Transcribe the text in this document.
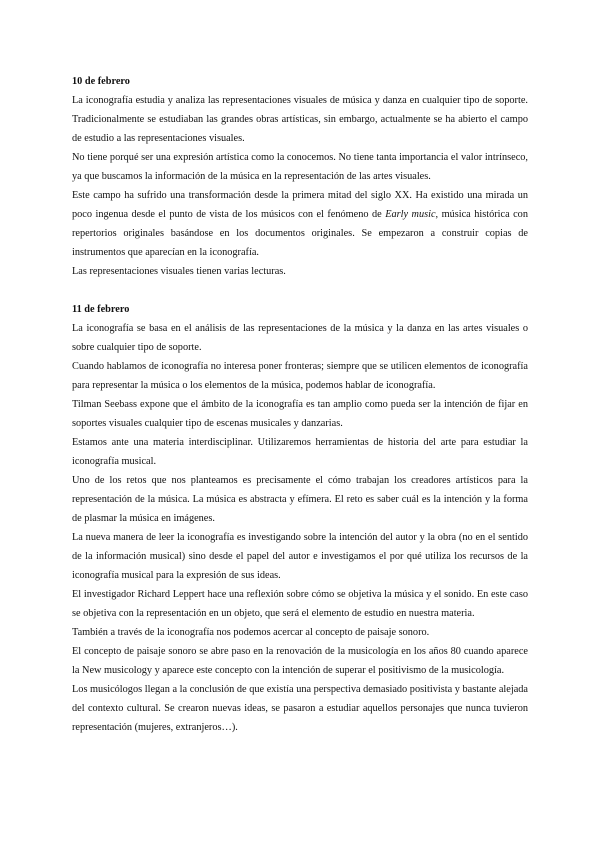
10 de febrero

La iconografía estudia y analiza las representaciones visuales de música y danza en cualquier tipo de soporte. Tradicionalmente se estudiaban las grandes obras artísticas, sin embargo, actualmente se ha abierto el campo de estudio a las representaciones visuales.

No tiene porqué ser una expresión artística como la conocemos. No tiene tanta importancia el valor intrínseco, ya que buscamos la información de la música en la representación de las artes visuales.

Este campo ha sufrido una transformación desde la primera mitad del siglo XX. Ha existido una mirada un poco ingenua desde el punto de vista de los músicos con el fenómeno de Early music, música histórica con repertorios originales basándose en los documentos originales. Se empezaron a construir copias de instrumentos que aparecían en la iconografía.

Las representaciones visuales tienen varias lecturas.

11 de febrero

La iconografía se basa en el análisis de las representaciones de la música y la danza en las artes visuales o sobre cualquier tipo de soporte.

Cuando hablamos de iconografía no interesa poner fronteras; siempre que se utilicen elementos de iconografía para representar la música o los elementos de la música, podemos hablar de iconografía.

Tilman Seebass expone que el ámbito de la iconografía es tan amplio como pueda ser la intención de fijar en soportes visuales cualquier tipo de escenas musicales y danzarias.

Estamos ante una materia interdisciplinar. Utilizaremos herramientas de historia del arte para estudiar la iconografía musical.

Uno de los retos que nos planteamos es precisamente el cómo trabajan los creadores artísticos para la representación de la música. La música es abstracta y efímera. El reto es saber cuál es la intención y la forma de plasmar la música en imágenes.

La nueva manera de leer la iconografía es investigando sobre la intención del autor y la obra (no en el sentido de la información musical) sino desde el papel del autor e investigamos el por qué utiliza los recursos de la iconografía musical para la expresión de sus ideas.

El investigador Richard Leppert hace una reflexión sobre cómo se objetiva la música y el sonido. En este caso se objetiva con la representación en un objeto, que será el elemento de estudio en nuestra materia.

También a través de la iconografía nos podemos acercar al concepto de paisaje sonoro.

El concepto de paisaje sonoro se abre paso en la renovación de la musicología en los años 80 cuando aparece la New musicology y aparece este concepto con la intención de superar el positivismo de la musicología.

Los musicólogos llegan a la conclusión de que existía una perspectiva demasiado positivista y bastante alejada del contexto cultural. Se crearon nuevas ideas, se pasaron a estudiar aquellos personajes que nunca tuvieron representación (mujeres, extranjeros…).
